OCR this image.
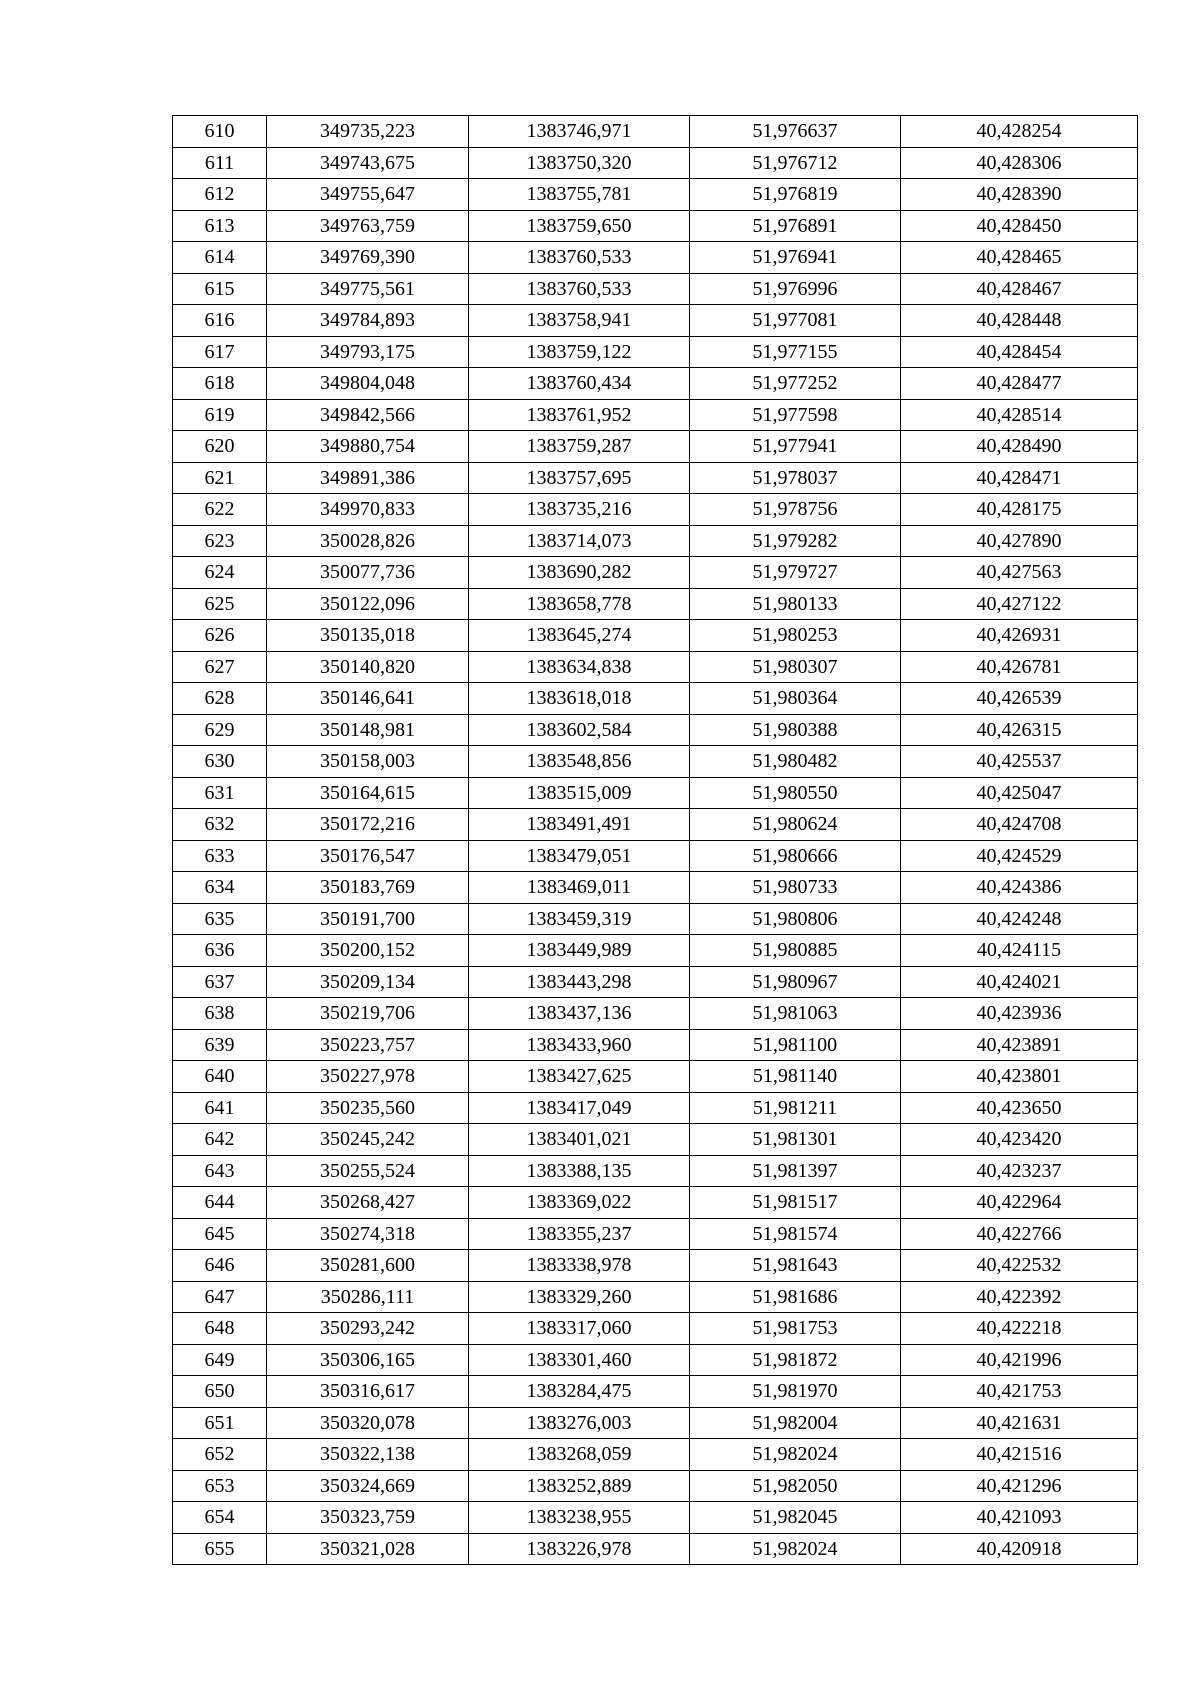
610	349735,223	1383746,971	51,976637	40,428254
611	349743,675	1383750,320	51,976712	40,428306
612	349755,647	1383755,781	51,976819	40,428390
613	349763,759	1383759,650	51,976891	40,428450
614	349769,390	1383760,533	51,976941	40,428465
615	349775,561	1383760,533	51,976996	40,428467
616	349784,893	1383758,941	51,977081	40,428448
617	349793,175	1383759,122	51,977155	40,428454
618	349804,048	1383760,434	51,977252	40,428477
619	349842,566	1383761,952	51,977598	40,428514
620	349880,754	1383759,287	51,977941	40,428490
621	349891,386	1383757,695	51,978037	40,428471
622	349970,833	1383735,216	51,978756	40,428175
623	350028,826	1383714,073	51,979282	40,427890
624	350077,736	1383690,282	51,979727	40,427563
625	350122,096	1383658,778	51,980133	40,427122
626	350135,018	1383645,274	51,980253	40,426931
627	350140,820	1383634,838	51,980307	40,426781
628	350146,641	1383618,018	51,980364	40,426539
629	350148,981	1383602,584	51,980388	40,426315
630	350158,003	1383548,856	51,980482	40,425537
631	350164,615	1383515,009	51,980550	40,425047
632	350172,216	1383491,491	51,980624	40,424708
633	350176,547	1383479,051	51,980666	40,424529
634	350183,769	1383469,011	51,980733	40,424386
635	350191,700	1383459,319	51,980806	40,424248
636	350200,152	1383449,989	51,980885	40,424115
637	350209,134	1383443,298	51,980967	40,424021
638	350219,706	1383437,136	51,981063	40,423936
639	350223,757	1383433,960	51,981100	40,423891
640	350227,978	1383427,625	51,981140	40,423801
641	350235,560	1383417,049	51,981211	40,423650
642	350245,242	1383401,021	51,981301	40,423420
643	350255,524	1383388,135	51,981397	40,423237
644	350268,427	1383369,022	51,981517	40,422964
645	350274,318	1383355,237	51,981574	40,422766
646	350281,600	1383338,978	51,981643	40,422532
647	350286,111	1383329,260	51,981686	40,422392
648	350293,242	1383317,060	51,981753	40,422218
649	350306,165	1383301,460	51,981872	40,421996
650	350316,617	1383284,475	51,981970	40,421753
651	350320,078	1383276,003	51,982004	40,421631
652	350322,138	1383268,059	51,982024	40,421516
653	350324,669	1383252,889	51,982050	40,421296
654	350323,759	1383238,955	51,982045	40,421093
655	350321,028	1383226,978	51,982024	40,420918
